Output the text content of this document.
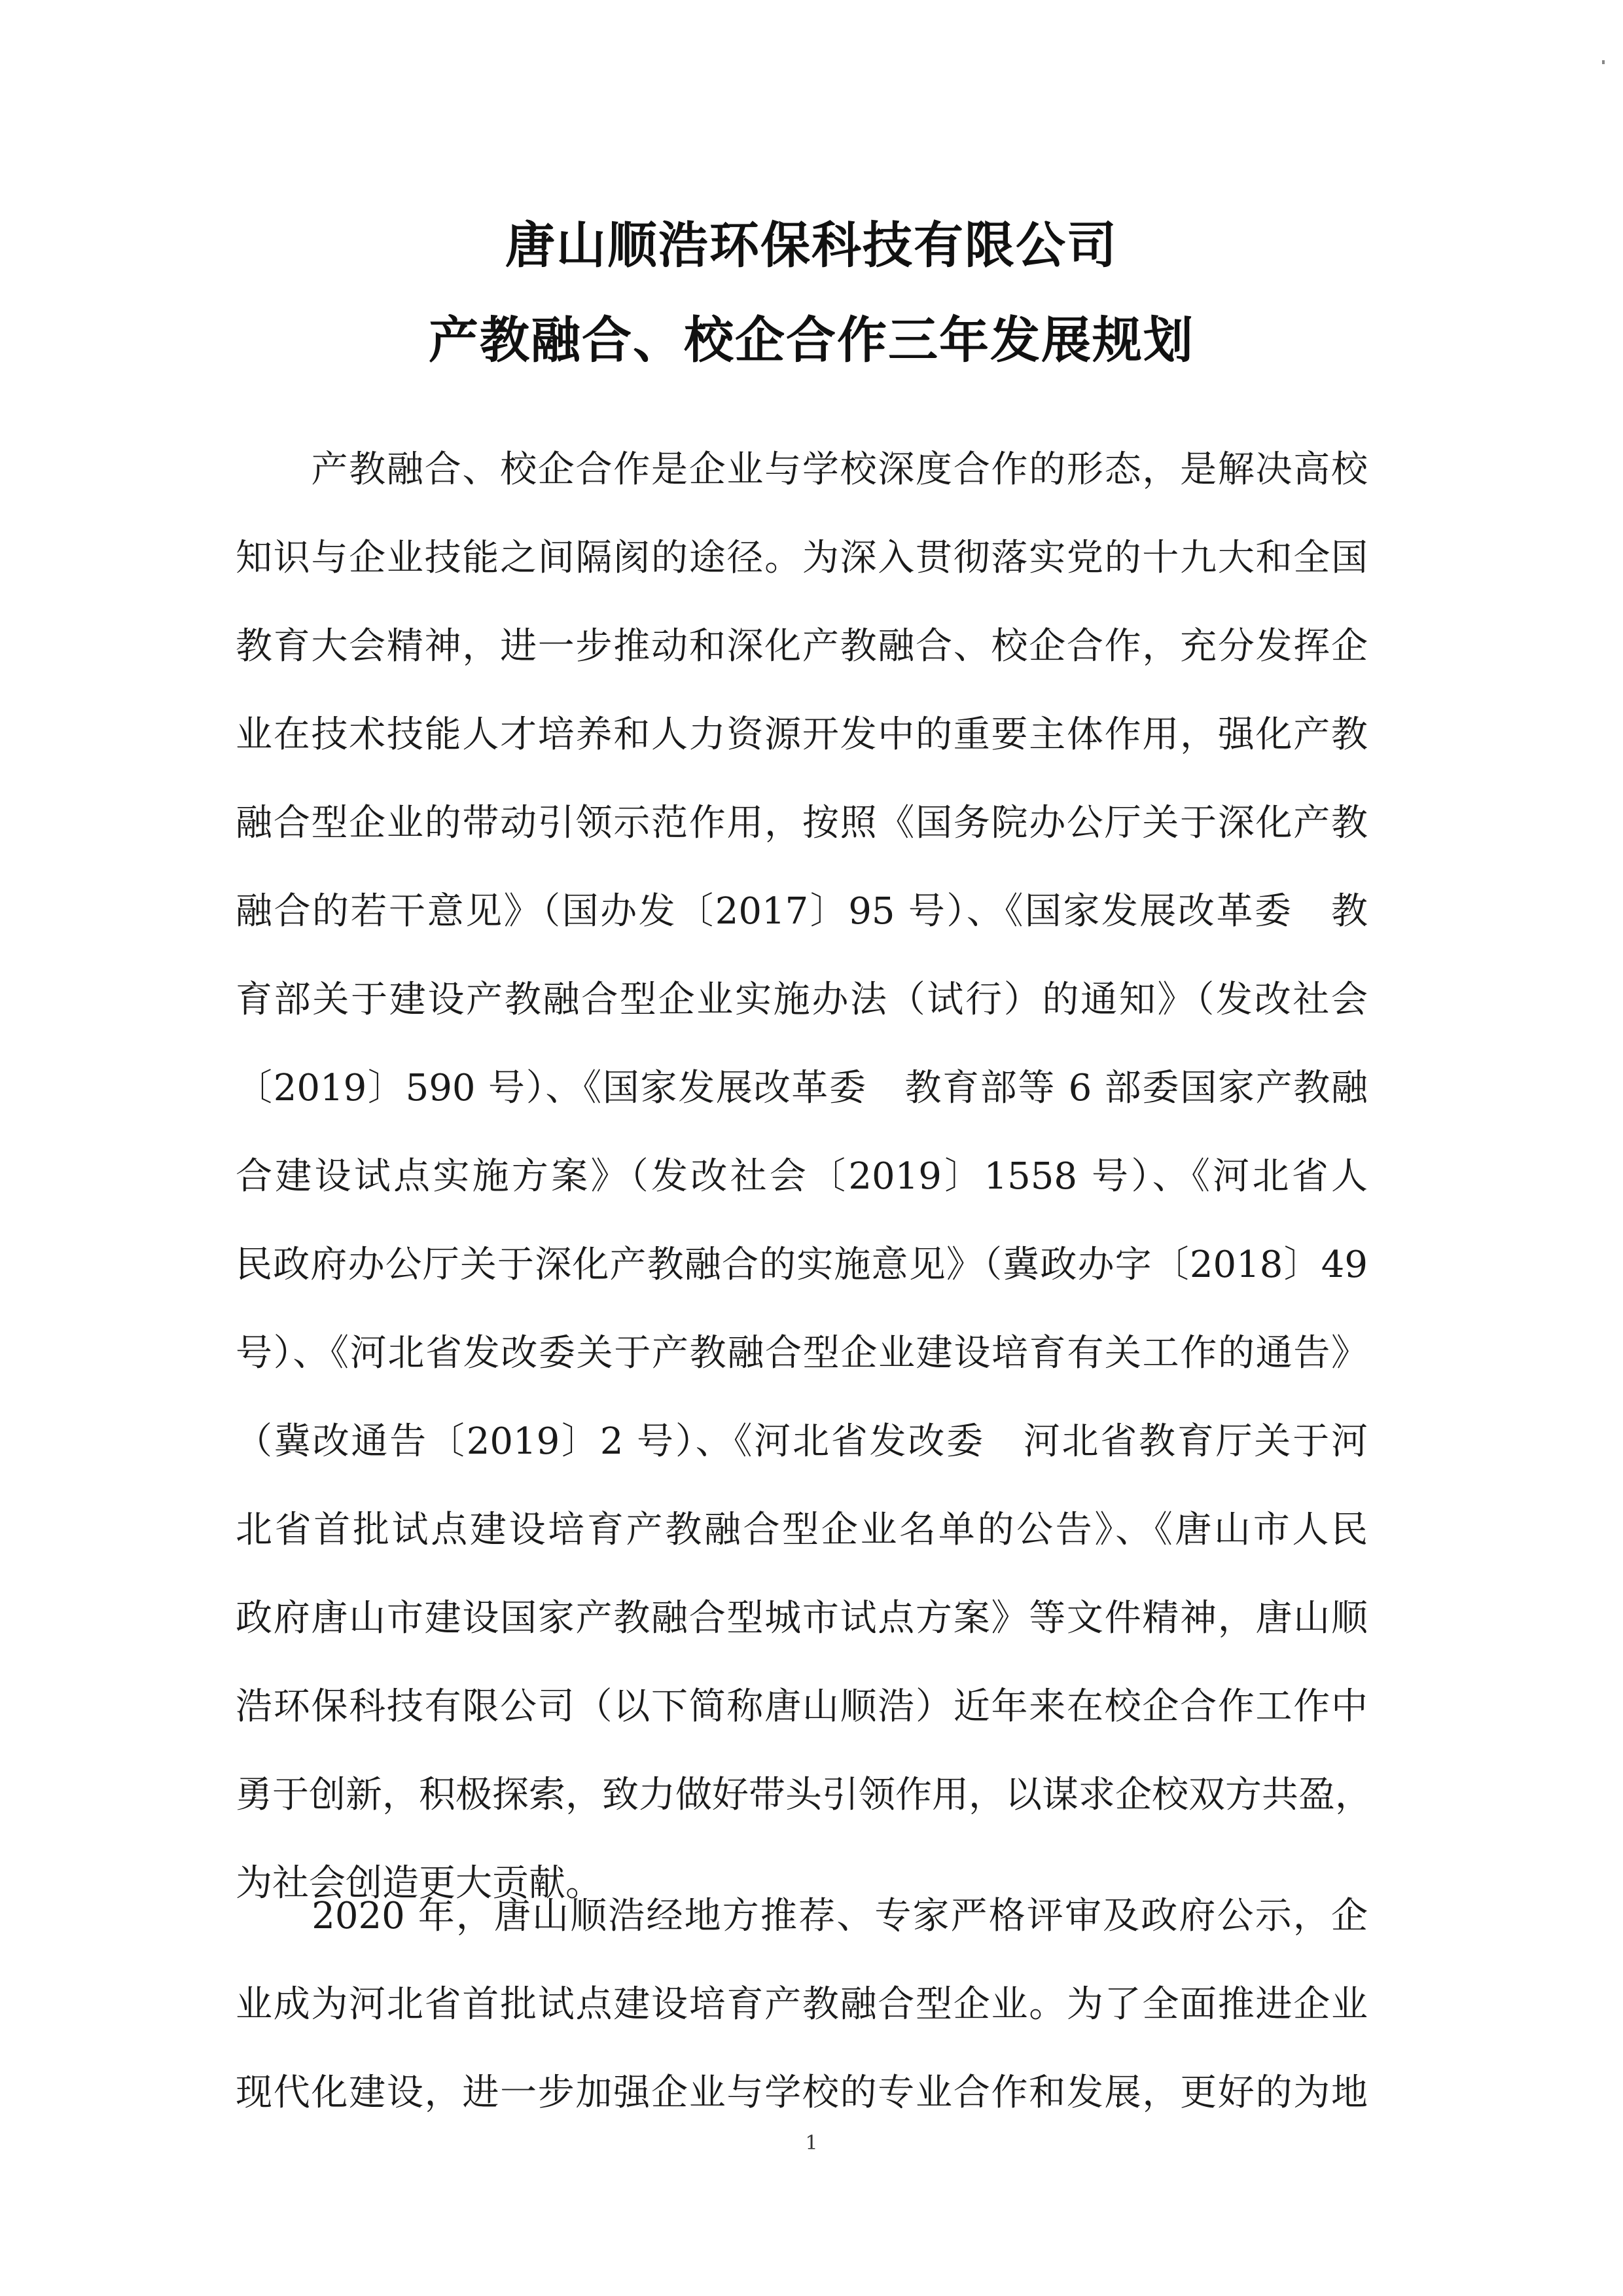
唐山顺浩环保科技有限公司
产教融合、校企合作三年发展规划
　　产教融合、校企合作是企业与学校深度合作的形态，是解决高校
知识与企业技能之间隔阂的途径。为深入贯彻落实党的十九大和全国
教育大会精神，进一步推动和深化产教融合、校企合作，充分发挥企
业在技术技能人才培养和人力资源开发中的重要主体作用，强化产教
融合型企业的带动引领示范作用，按照《国务院办公厅关于深化产教
融合的若干意见》（国办发〔2017〕95 号）、《国家发展改革委　教
育部关于建设产教融合型企业实施办法（试行）的通知》（发改社会
〔2019〕590 号）、《国家发展改革委　教育部等 6 部委国家产教融
合建设试点实施方案》（发改社会〔2019〕1558 号）、《河北省人
民政府办公厅关于深化产教融合的实施意见》（冀政办字〔2018〕49
号）、《河北省发改委关于产教融合型企业建设培育有关工作的通告》
（冀改通告〔2019〕2 号）、《河北省发改委　河北省教育厅关于河
北省首批试点建设培育产教融合型企业名单的公告》、《唐山市人民
政府唐山市建设国家产教融合型城市试点方案》等文件精神，唐山顺
浩环保科技有限公司（以下简称唐山顺浩）近年来在校企合作工作中
勇于创新，积极探索，致力做好带头引领作用，以谋求企校双方共盈，
为社会创造更大贡献。
　　2020 年，唐山顺浩经地方推荐、专家严格评审及政府公示，企
业成为河北省首批试点建设培育产教融合型企业。为了全面推进企业
现代化建设，进一步加强企业与学校的专业合作和发展，更好的为地
1
